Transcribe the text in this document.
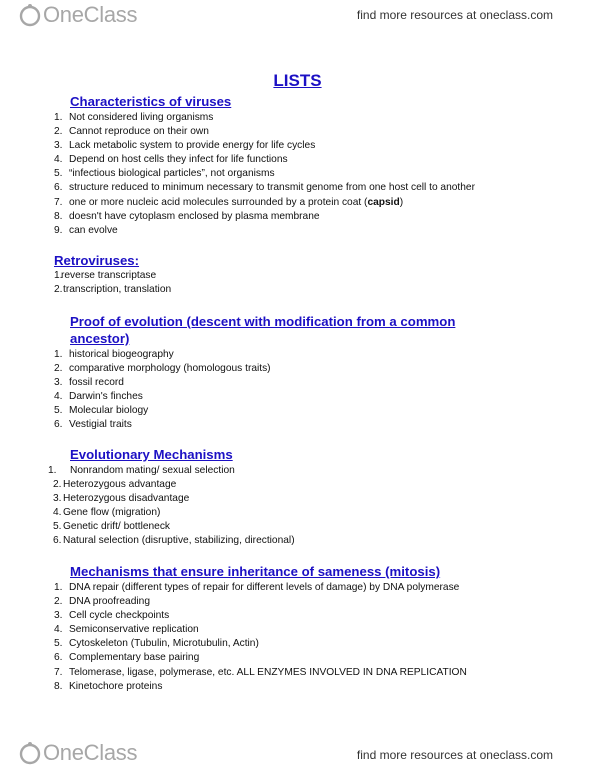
OneClass	find more resources at oneclass.com
LISTS
Characteristics of viruses
1. Not considered living organisms
2. Cannot reproduce on their own
3. Lack metabolic system to provide energy for life cycles
4. Depend on host cells they infect for life functions
5. “infectious biological particles”, not organisms
6. structure reduced to minimum necessary to transmit genome from one host cell to another
7. one or more nucleic acid molecules surrounded by a protein coat (capsid)
8. doesn't have cytoplasm enclosed by plasma membrane
9. can evolve
Retroviruses:
1.
reverse transcriptase
2. transcription, translation
Proof of evolution (descent with modification from a common
ancestor)
1. historical biogeography
2. comparative morphology (homologous traits)
3. fossil record
4. Darwin's finches
5. Molecular biology
6. Vestigial traits
Evolutionary Mechanisms
1. Nonrandom mating/ sexual selection
2. Heterozygous advantage
3. Heterozygous disadvantage
4. Gene flow (migration)
5. Genetic drift/ bottleneck
6. Natural selection (disruptive, stabilizing, directional)
Mechanisms that ensure inheritance of sameness (mitosis)
1. DNA repair (different types of repair for different levels of damage) by DNA polymerase
2. DNA proofreading
3. Cell cycle checkpoints
4. Semiconservative replication
5. Cytoskeleton (Tubulin, Microtubulin, Actin)
6. Complementary base pairing
7. Telomerase, ligase, polymerase, etc. ALL ENZYMES INVOLVED IN DNA REPLICATION
8. Kinetochore proteins
OneClass	find more resources at oneclass.com
